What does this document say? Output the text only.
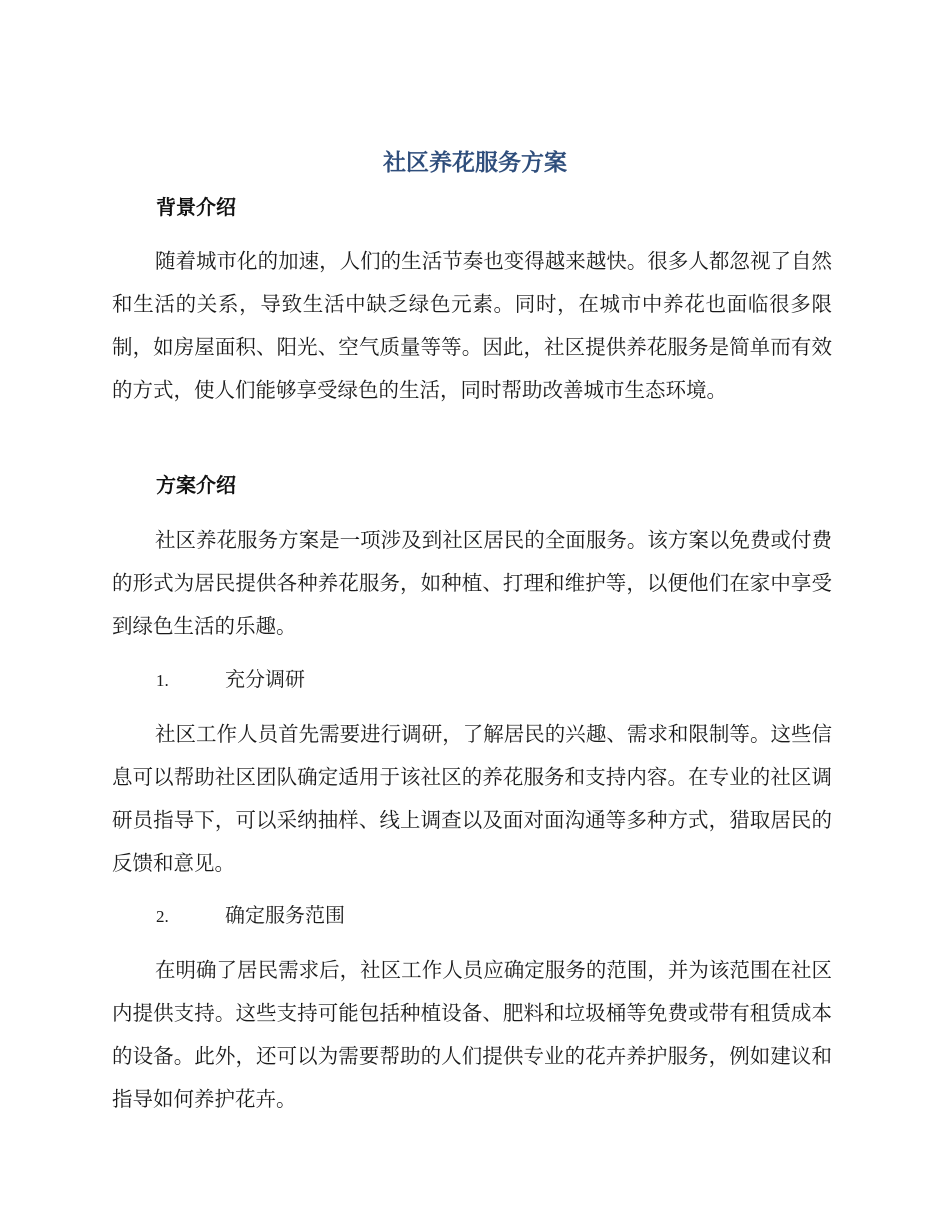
社区养花服务方案
背景介绍
随着城市化的加速，人们的生活节奏也变得越来越快。很多人都忽视了自然和生活的关系，导致生活中缺乏绿色元素。同时，在城市中养花也面临很多限制，如房屋面积、阳光、空气质量等等。因此，社区提供养花服务是简单而有效的方式，使人们能够享受绿色的生活，同时帮助改善城市生态环境。
方案介绍
社区养花服务方案是一项涉及到社区居民的全面服务。该方案以免费或付费的形式为居民提供各种养花服务，如种植、打理和维护等，以便他们在家中享受到绿色生活的乐趣。
1.	充分调研
社区工作人员首先需要进行调研，了解居民的兴趣、需求和限制等。这些信息可以帮助社区团队确定适用于该社区的养花服务和支持内容。在专业的社区调研员指导下，可以采纳抽样、线上调查以及面对面沟通等多种方式，猎取居民的反馈和意见。
2.	确定服务范围
在明确了居民需求后，社区工作人员应确定服务的范围，并为该范围在社区内提供支持。这些支持可能包括种植设备、肥料和垃圾桶等免费或带有租赁成本的设备。此外，还可以为需要帮助的人们提供专业的花卉养护服务，例如建议和指导如何养护花卉。
